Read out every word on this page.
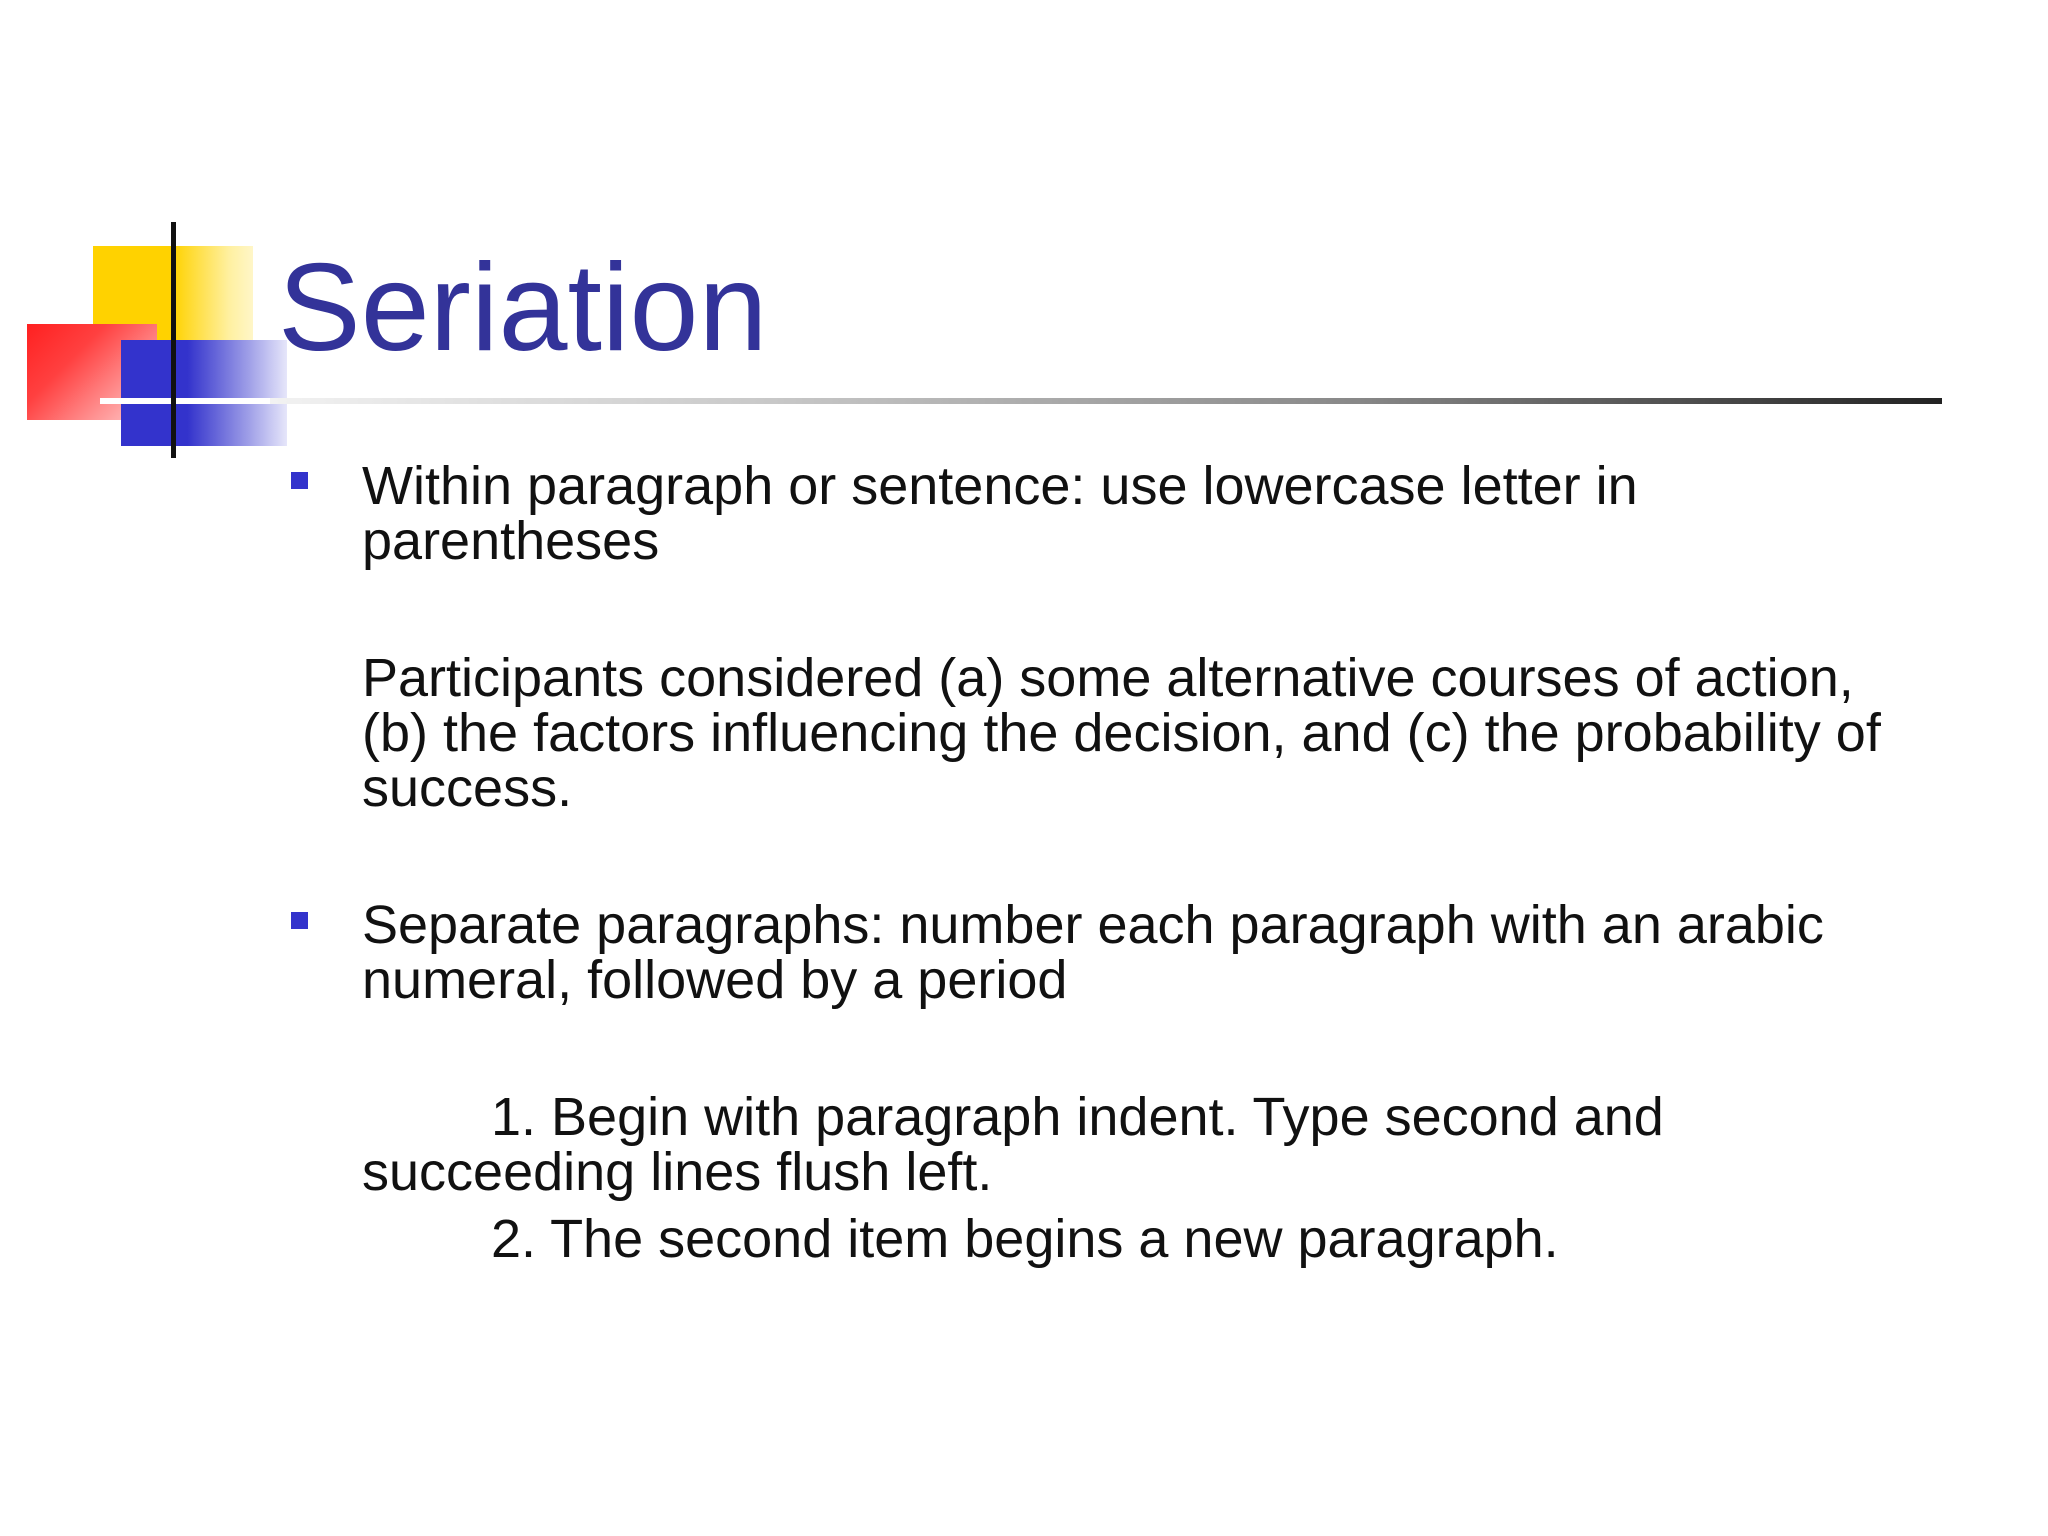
Seriation

Within paragraph or sentence: use lowercase letter in
parentheses

Participants considered (a) some alternative courses of action,
(b) the factors influencing the decision, and (c) the probability of
success.

Separate paragraphs: number each paragraph with an arabic
numeral, followed by a period

1. Begin with paragraph indent. Type second and

succeeding lines flush left.

2. The second item begins a new paragraph.
